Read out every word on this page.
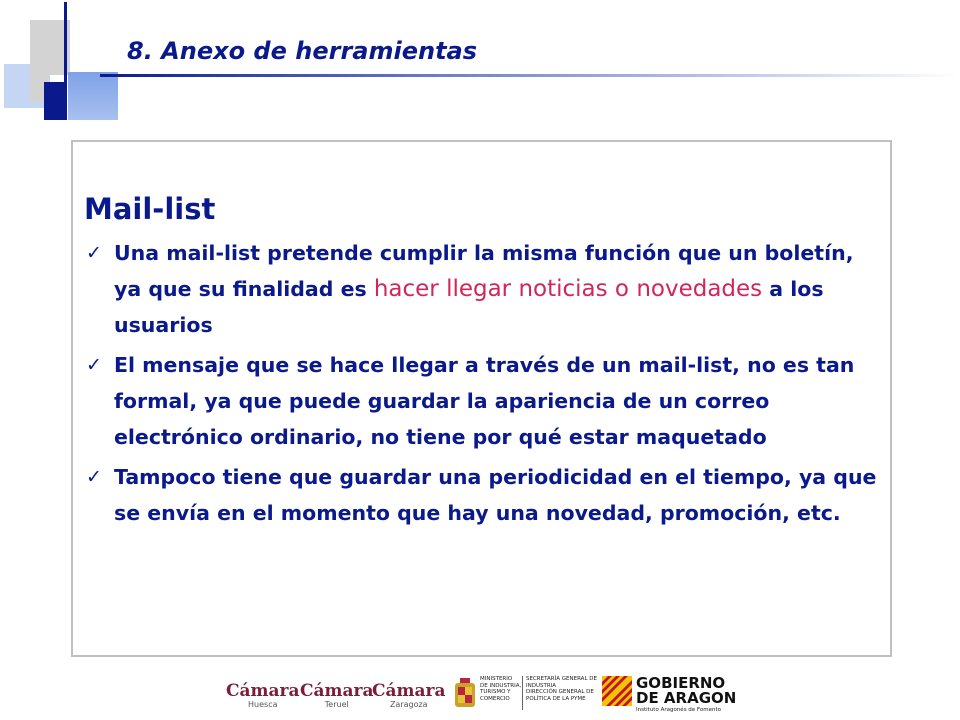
8. Anexo de herramientas
Mail-list
✓ Una mail-list pretende cumplir la misma función que un boletín, ya que su finalidad es hacer llegar noticias o novedades a los usuarios
✓ El mensaje que se hace llegar a través de un mail-list, no es tan formal, ya que puede guardar la apariencia de un correo electrónico ordinario, no tiene por qué estar maquetado
✓ Tampoco tiene que guardar una periodicidad en el tiempo, ya que se envía en el momento que hay una novedad, promoción, etc.
Cámara
Huesca
Cámara
Teruel
Cámara
Zaragoza
MINISTERIO
DE INDUSTRIA,
TURISMO Y
COMERCIO
SECRETARÍA GENERAL DE
INDUSTRIA
DIRECCIÓN GENERAL DE
POLÍTICA DE LA PYME
GOBIERNO
DE ARAGON
Instituto Aragonés de Fomento
